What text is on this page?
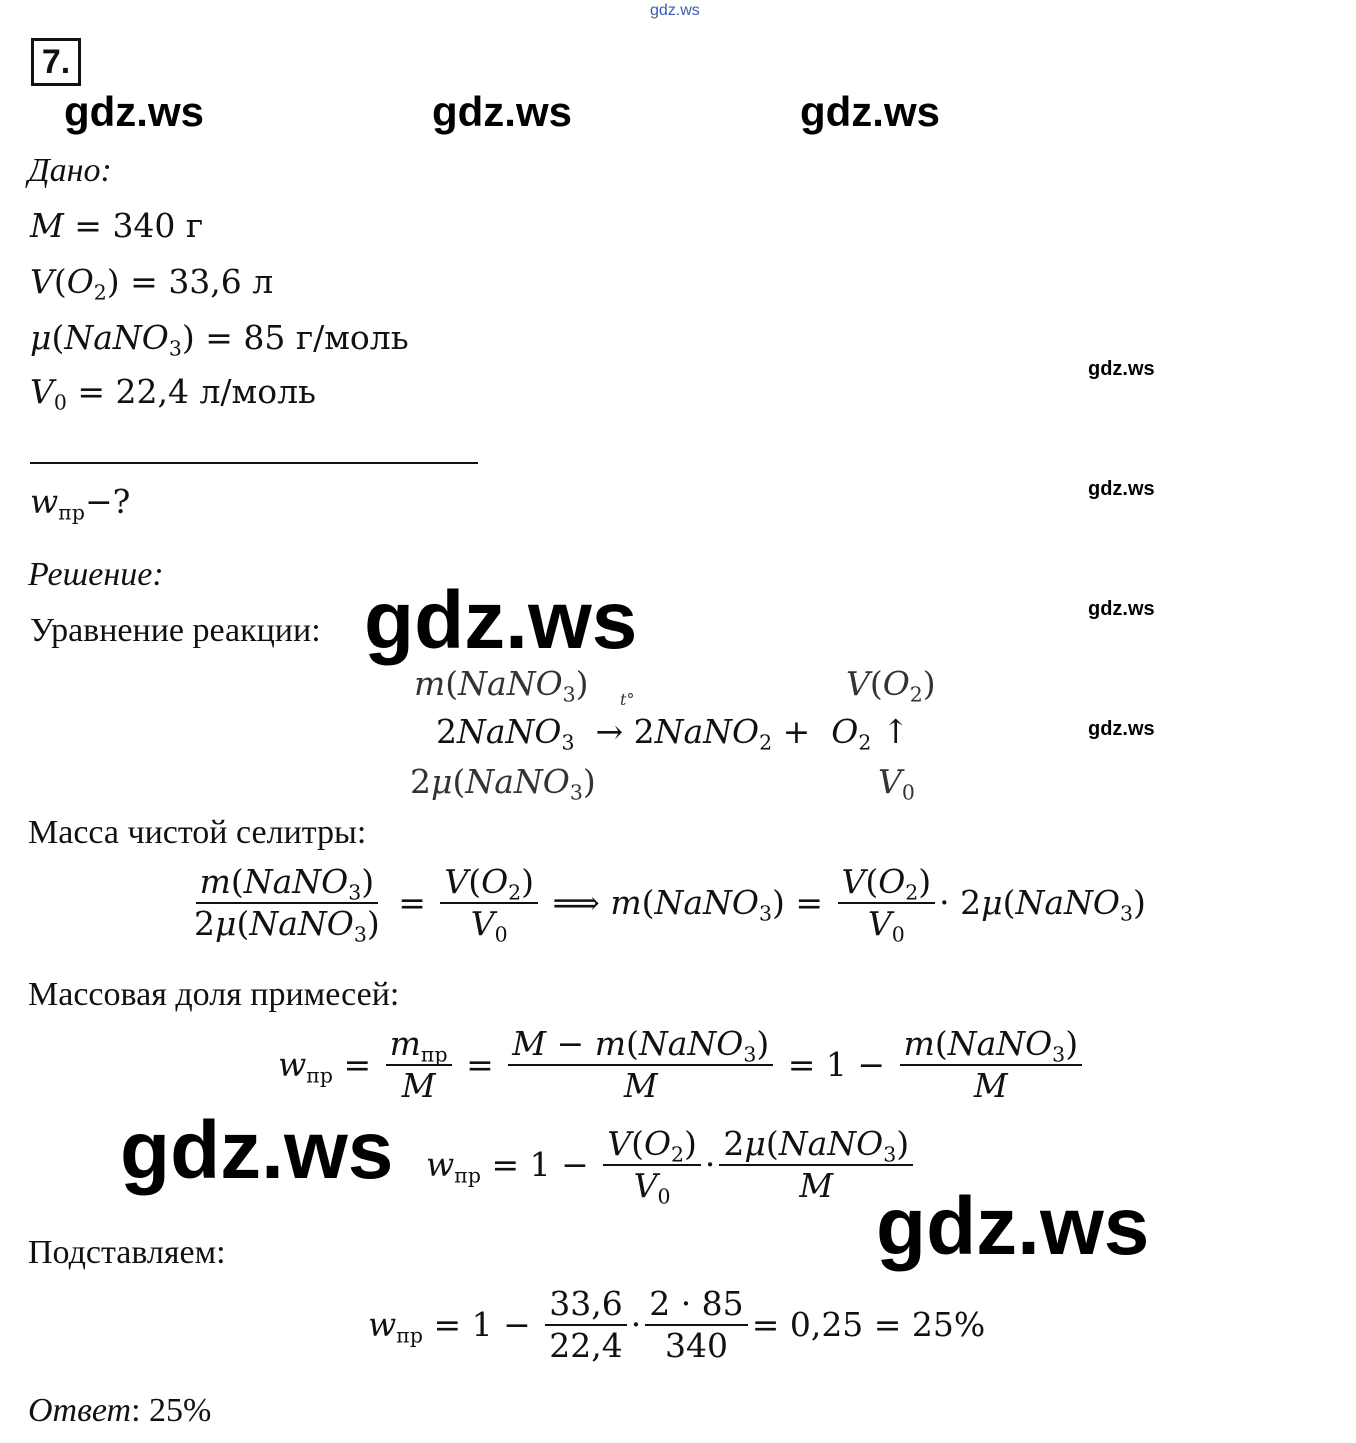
gdz.ws
gdz.ws	gdz.ws	gdz.ws
gdz.ws
gdz.ws
gdz.ws
gdz.ws
7.
Дано:
M = 340 г
$V(O_2) = 33,6$ л
μ(NaNO$_3$) = 85 г/моль
$V_0 = 22,4$ л/моль
$w_{пр}-$?
Решение:
Уравнение реакции: gdz.ws
m(NaNO$_3$)	$V(O_2)$
t°
2NaNO$_3$  → 2NaNO$_2$ +  $O_2$ ↑
2μ(NaNO$_3$)	$V_0$
Масса чистой селитры:
$\frac{m(NaNO_3)}{2\mu(NaNO_3)} = \frac{V(O_2)}{V_0}$ ⟹ m(NaNO$_3$) = $\frac{V(O_2)}{V_0}$ · 2μ(NaNO$_3$)
Массовая доля примесей:
$w_{пр} = \frac{m_{пр}}{M} = \frac{M - m(NaNO_3)}{M} = 1 - \frac{m(NaNO_3)}{M}$
gdz.ws $w_{пр} = 1 - \frac{V(O_2)}{V_0} \cdot \frac{2\mu(NaNO_3)}{M}$
gdz.ws
Подставляем:
$w_{пр} = 1 - \frac{33,6}{22,4} \cdot \frac{2 \cdot 85}{340} = 0,25 = 25\%$
Ответ: 25%
